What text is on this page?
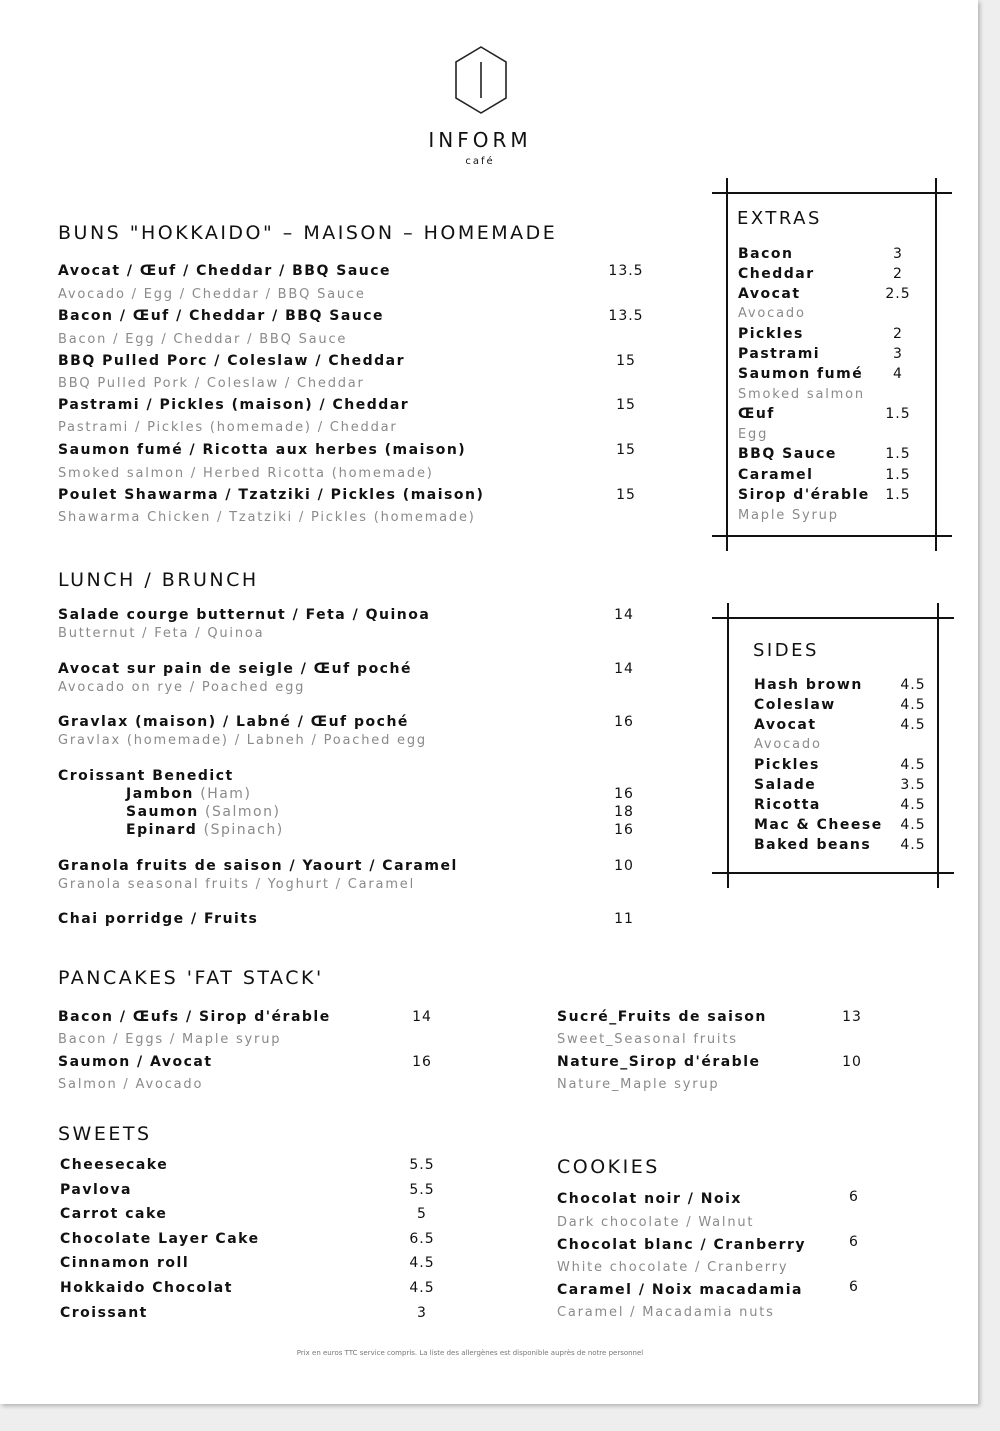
INFORM
café
BUNS "HOKKAIDO" – MAISON – HOMEMADE
Avocat / Œuf / Cheddar / BBQ Sauce	13.5
Avocado / Egg / Cheddar / BBQ Sauce
Bacon / Œuf / Cheddar / BBQ Sauce	13.5
Bacon / Egg / Cheddar / BBQ Sauce
BBQ Pulled Porc / Coleslaw / Cheddar	15
BBQ Pulled Pork / Coleslaw / Cheddar
Pastrami / Pickles (maison) / Cheddar	15
Pastrami / Pickles (homemade) / Cheddar
Saumon fumé / Ricotta aux herbes (maison)	15
Smoked salmon / Herbed Ricotta (homemade)
Poulet Shawarma / Tzatziki / Pickles (maison)	15
Shawarma Chicken / Tzatziki / Pickles (homemade)
LUNCH / BRUNCH
Salade courge butternut / Feta / Quinoa	14
Butternut / Feta / Quinoa
Avocat sur pain de seigle / Œuf poché	14
Avocado on rye / Poached egg
Gravlax (maison) / Labné / Œuf poché	16
Gravlax (homemade) / Labneh / Poached egg
Croissant Benedict
Jambon (Ham)	16
Saumon (Salmon)	18
Epinard (Spinach)	16
Granola fruits de saison / Yaourt / Caramel	10
Granola seasonal fruits / Yoghurt / Caramel
Chai porridge / Fruits	11
PANCAKES 'FAT STACK'
Bacon / Œufs / Sirop d'érable	14
Bacon / Eggs / Maple syrup
Saumon / Avocat	16
Salmon / Avocado
Sucré_Fruits de saison	13
Sweet_Seasonal fruits
Nature_Sirop d'érable	10
Nature_Maple syrup
SWEETS
Cheesecake	5.5
Pavlova	5.5
Carrot cake	5
Chocolate Layer Cake	6.5
Cinnamon roll	4.5
Hokkaido Chocolat	4.5
Croissant	3
COOKIES
Chocolat noir / Noix	6
Dark chocolate / Walnut
Chocolat blanc / Cranberry	6
White chocolate / Cranberry
Caramel / Noix macadamia	6
Caramel / Macadamia nuts
EXTRAS
Bacon	3
Cheddar	2
Avocat	2.5
Avocado
Pickles	2
Pastrami	3
Saumon fumé	4
Smoked salmon
Œuf	1.5
Egg
BBQ Sauce	1.5
Caramel	1.5
Sirop d'érable	1.5
Maple Syrup
SIDES
Hash brown	4.5
Coleslaw	4.5
Avocat	4.5
Avocado
Pickles	4.5
Salade	3.5
Ricotta	4.5
Mac & Cheese	4.5
Baked beans	4.5
Prix en euros TTC service compris. La liste des allergènes est disponible auprès de notre personnel
